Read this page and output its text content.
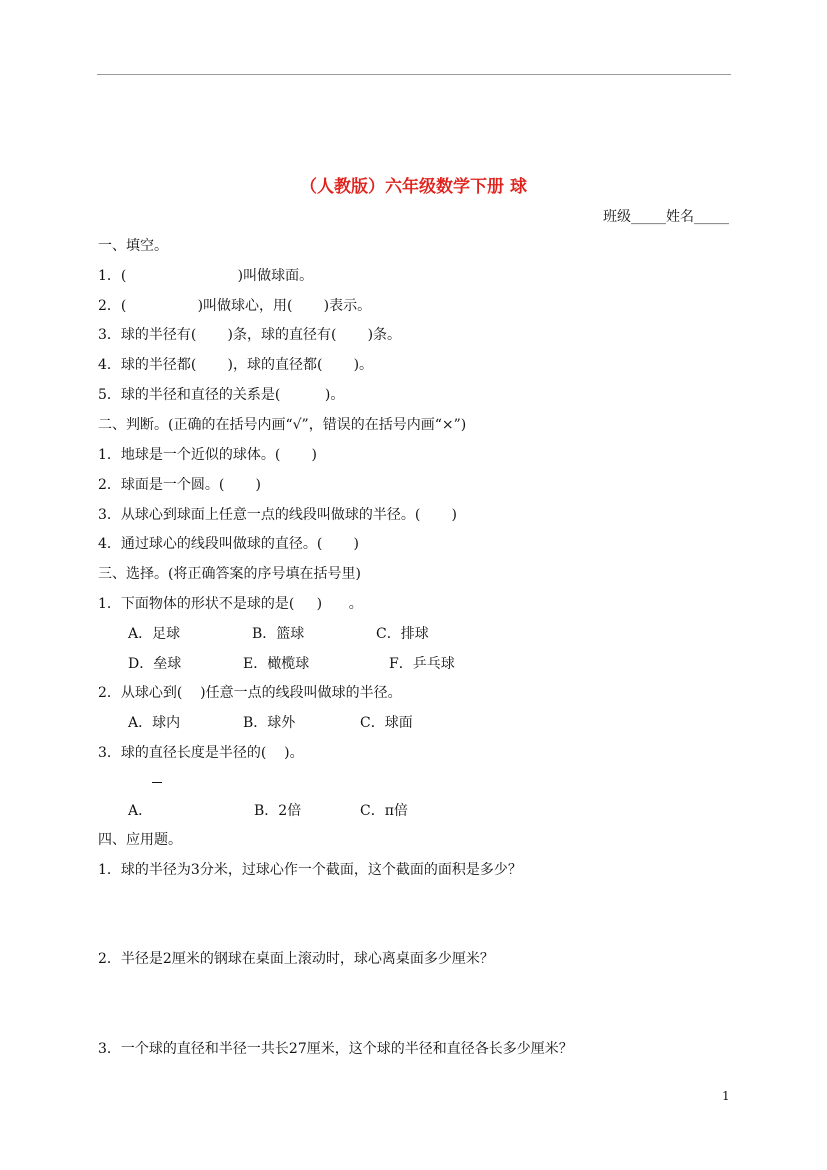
（人教版）六年级数学下册 球
班级_____姓名_____
一、填空。
1．(                         )叫做球面。
2．(                )叫做球心，用(       )表示。
3．球的半径有(       )条，球的直径有(       )条。
4．球的半径都(       )，球的直径都(       )。
5．球的半径和直径的关系是(          )。
二、判断。(正确的在括号内画“√”，错误的在括号内画“×”)
1．地球是一个近似的球体。(       )
2．球面是一个圆。(       )
3．从球心到球面上任意一点的线段叫做球的半径。(       )
4．通过球心的线段叫做球的直径。(       )
三、选择。(将正确答案的序号填在括号里)
1．下面物体的形状不是球的是(     )      。
A．足球	B．篮球	C．排球
D．垒球	E．橄榄球	F．乒乓球
2．从球心到(    )任意一点的线段叫做球的半径。
A．球内	B．球外	C．球面
3．球的直径长度是半径的(    )。
A．	B．2倍	C．π倍
四、应用题。
1．球的半径为3分米，过球心作一个截面，这个截面的面积是多少？
2．半径是2厘米的钢球在桌面上滚动时，球心离桌面多少厘米？
3．一个球的直径和半径一共长27厘米，这个球的半径和直径各长多少厘米？
1
